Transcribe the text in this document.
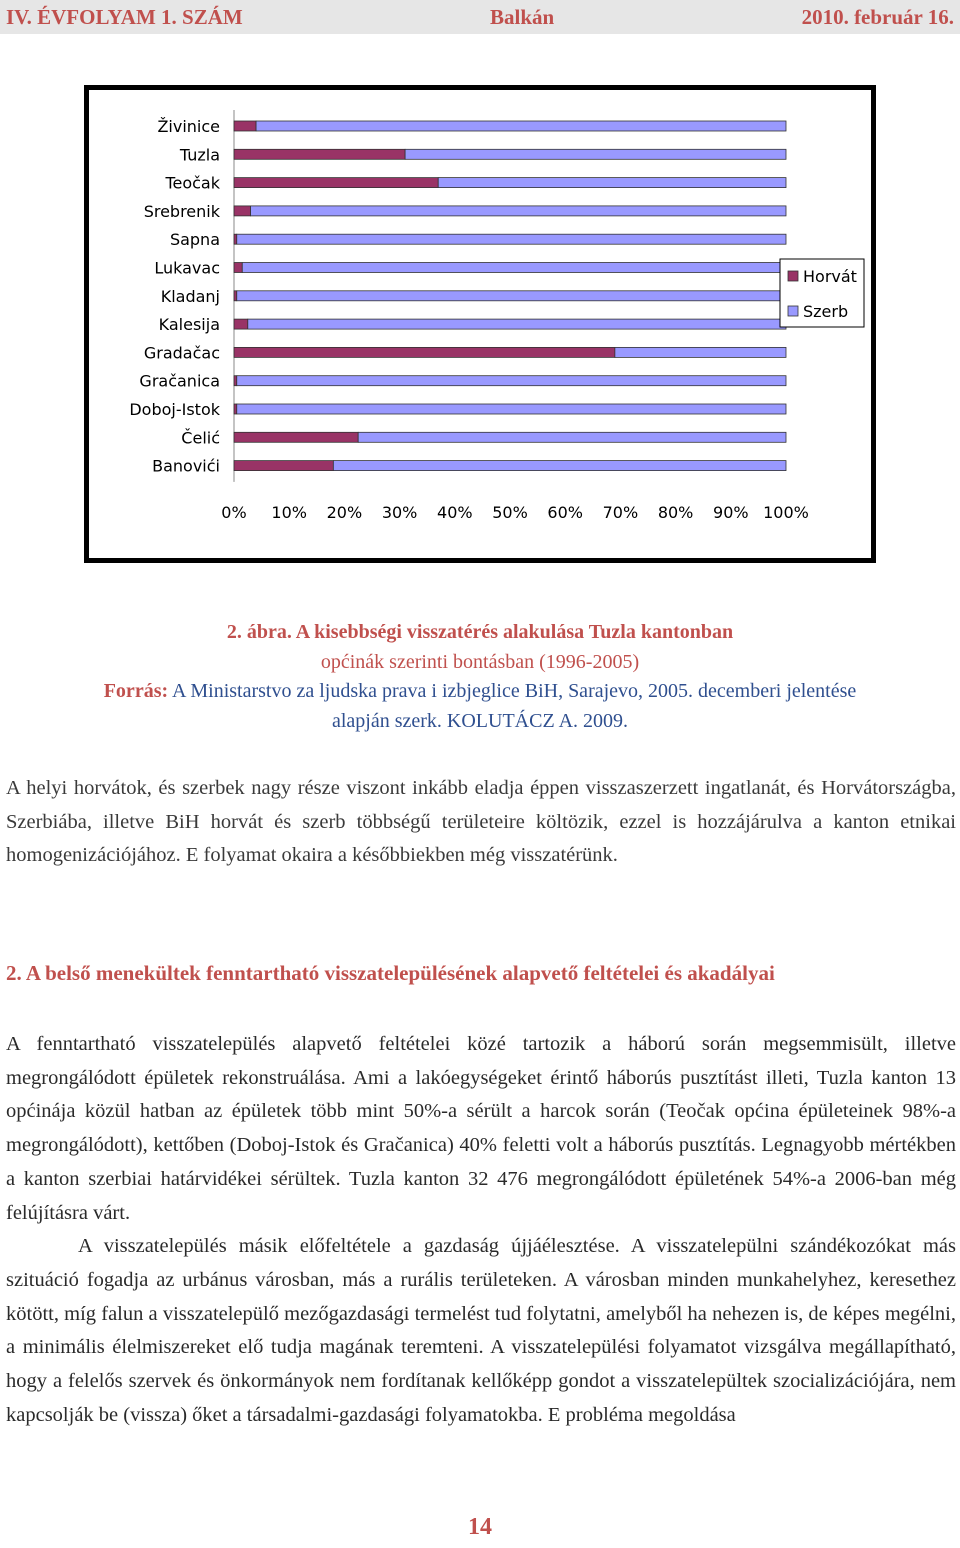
IV. ÉVFOLYAM 1. SZÁM	Balkán	2010. február 16.
Živinice
Tuzla
Teočak
Srebrenik
Sapna
Lukavac
Kladanj
Kalesija
Gradačac
Gračanica
Doboj-Istok
Čelić
Banovići
0% 10% 20% 30% 40% 50% 60% 70% 80% 90% 100%
Horvát
Szerb
2. ábra. A kisebbségi visszatérés alakulása Tuzla kantonban
općinák szerinti bontásban (1996-2005)
Forrás: A Ministarstvo za ljudska prava i izbjeglice BiH, Sarajevo, 2005. decemberi jelentése
alapján szerk. KOLUTÁCZ A. 2009.
A helyi horvátok, és szerbek nagy része viszont inkább eladja éppen visszaszerzett ingatlanát, és Horvátországba, Szerbiába, illetve BiH horvát és szerb többségű területeire költözik, ezzel is hozzájárulva a kanton etnikai homogenizációjához. E folyamat okaira a későbbiekben még visszatérünk.
2. A belső menekültek fenntartható visszatelepülésének alapvető feltételei és akadályai
A fenntartható visszatelepülés alapvető feltételei közé tartozik a háború során megsemmisült, illetve megrongálódott épületek rekonstruálása. Ami a lakóegységeket érintő háborús pusztítást illeti, Tuzla kanton 13 općinája közül hatban az épületek több mint 50%-a sérült a harcok során (Teočak općina épületeinek 98%-a megrongálódott), kettőben (Doboj-Istok és Gračanica) 40% feletti volt a háborús pusztítás. Legnagyobb mértékben a kanton szerbiai határvidékei sérültek. Tuzla kanton 32 476 megrongálódott épületének 54%-a 2006-ban még felújításra várt.
A visszatelepülés másik előfeltétele a gazdaság újjáélesztése. A visszatelepülni szándékozókat más szituáció fogadja az urbánus városban, más a rurális területeken. A városban minden munkahelyhez, keresethez kötött, míg falun a visszatelepülő mezőgazdasági termelést tud folytatni, amelyből ha nehezen is, de képes megélni, a minimális élelmiszereket elő tudja magának teremteni. A visszatelepülési folyamatot vizsgálva megállapítható, hogy a felelős szervek és önkormányok nem fordítanak kellőképp gondot a visszatelepültek szocializációjára, nem kapcsolják be (vissza) őket a társadalmi-gazdasági folyamatokba. E probléma megoldása
14
